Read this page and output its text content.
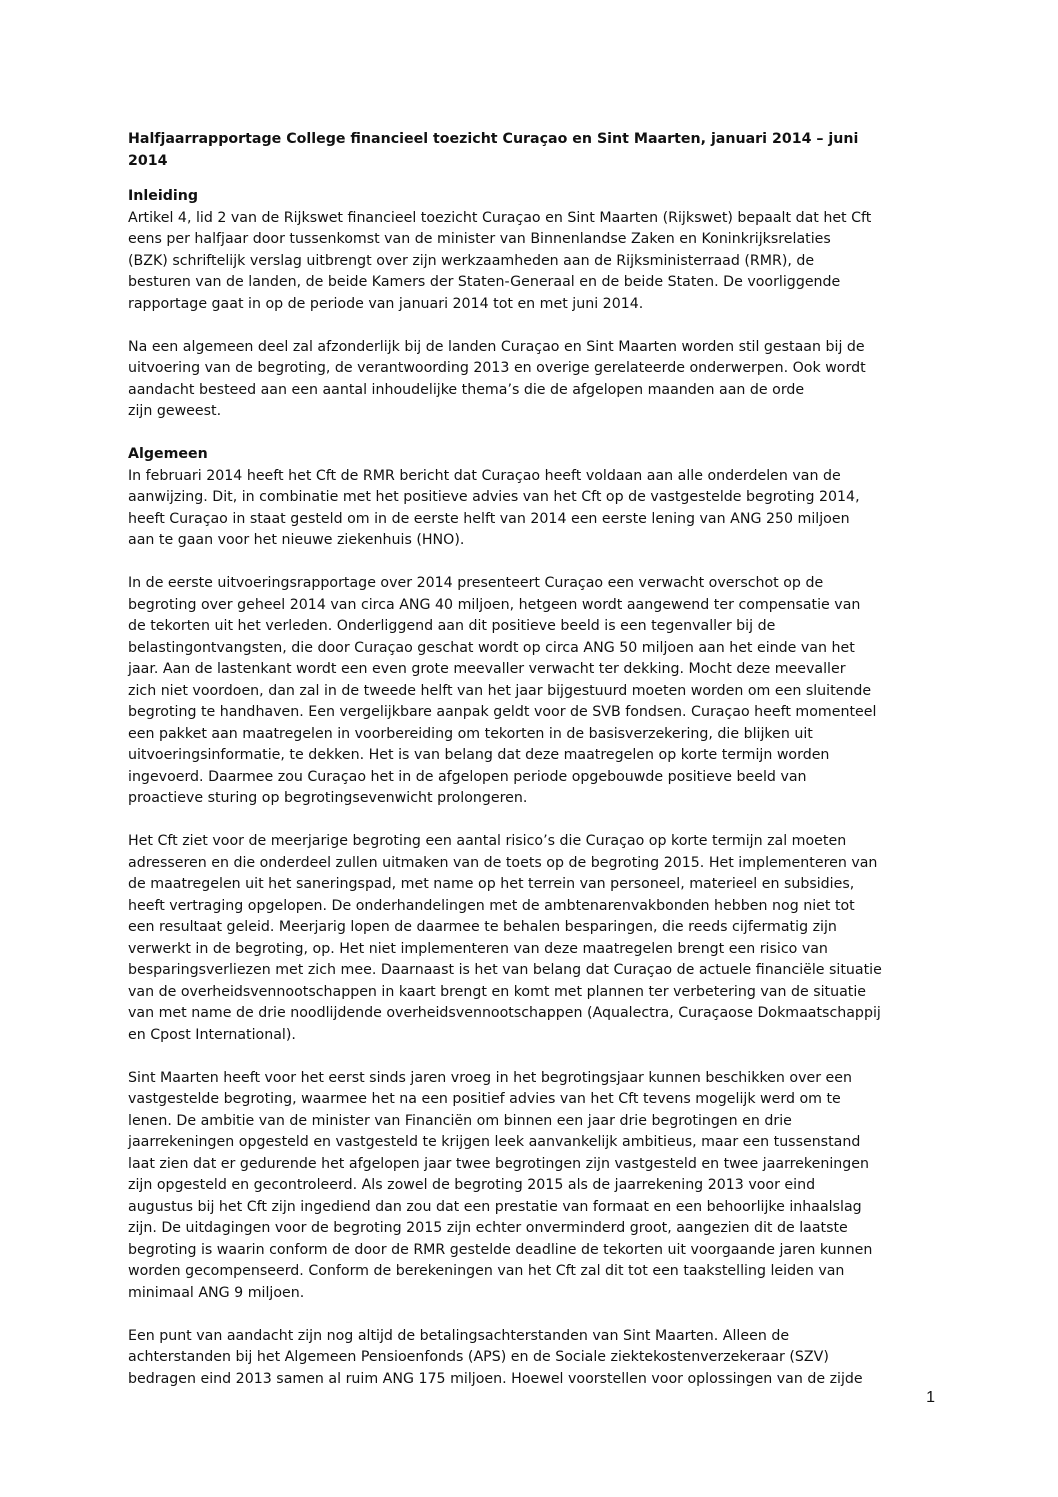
Halfjaarrapportage College financieel toezicht Curaçao en Sint Maarten, januari 2014 – juni
2014
Inleiding
Artikel 4, lid 2 van de Rijkswet financieel toezicht Curaçao en Sint Maarten (Rijkswet) bepaalt dat het Cft
eens per halfjaar door tussenkomst van de minister van Binnenlandse Zaken en Koninkrijksrelaties
(BZK) schriftelijk verslag uitbrengt over zijn werkzaamheden aan de Rijksministerraad (RMR), de
besturen van de landen, de beide Kamers der Staten-Generaal en de beide Staten. De voorliggende
rapportage gaat in op de periode van januari 2014 tot en met juni 2014.
Na een algemeen deel zal afzonderlijk bij de landen Curaçao en Sint Maarten worden stil gestaan bij de
uitvoering van de begroting, de verantwoording 2013 en overige gerelateerde onderwerpen. Ook wordt
aandacht besteed aan een aantal inhoudelijke thema’s die de afgelopen maanden aan de orde
zijn geweest.
Algemeen
In februari 2014 heeft het Cft de RMR bericht dat Curaçao heeft voldaan aan alle onderdelen van de
aanwijzing. Dit, in combinatie met het positieve advies van het Cft op de vastgestelde begroting 2014,
heeft Curaçao in staat gesteld om in de eerste helft van 2014 een eerste lening van ANG 250 miljoen
aan te gaan voor het nieuwe ziekenhuis (HNO).
In de eerste uitvoeringsrapportage over 2014 presenteert Curaçao een verwacht overschot op de
begroting over geheel 2014 van circa ANG 40 miljoen, hetgeen wordt aangewend ter compensatie van
de tekorten uit het verleden. Onderliggend aan dit positieve beeld is een tegenvaller bij de
belastingontvangsten, die door Curaçao geschat wordt op circa ANG 50 miljoen aan het einde van het
jaar. Aan de lastenkant wordt een even grote meevaller verwacht ter dekking. Mocht deze meevaller
zich niet voordoen, dan zal in de tweede helft van het jaar bijgestuurd moeten worden om een sluitende
begroting te handhaven. Een vergelijkbare aanpak geldt voor de SVB fondsen. Curaçao heeft momenteel
een pakket aan maatregelen in voorbereiding om tekorten in de basisverzekering, die blijken uit
uitvoeringsinformatie, te dekken. Het is van belang dat deze maatregelen op korte termijn worden
ingevoerd. Daarmee zou Curaçao het in de afgelopen periode opgebouwde positieve beeld van
proactieve sturing op begrotingsevenwicht prolongeren.
Het Cft ziet voor de meerjarige begroting een aantal risico’s die Curaçao op korte termijn zal moeten
adresseren en die onderdeel zullen uitmaken van de toets op de begroting 2015. Het implementeren van
de maatregelen uit het saneringspad, met name op het terrein van personeel, materieel en subsidies,
heeft vertraging opgelopen. De onderhandelingen met de ambtenarenvakbonden hebben nog niet tot
een resultaat geleid. Meerjarig lopen de daarmee te behalen besparingen, die reeds cijfermatig zijn
verwerkt in de begroting, op. Het niet implementeren van deze maatregelen brengt een risico van
besparingsverliezen met zich mee. Daarnaast is het van belang dat Curaçao de actuele financiële situatie
van de overheidsvennootschappen in kaart brengt en komt met plannen ter verbetering van de situatie
van met name de drie noodlijdende overheidsvennootschappen (Aqualectra, Curaçaose Dokmaatschappij
en Cpost International).
Sint Maarten heeft voor het eerst sinds jaren vroeg in het begrotingsjaar kunnen beschikken over een
vastgestelde begroting, waarmee het na een positief advies van het Cft tevens mogelijk werd om te
lenen. De ambitie van de minister van Financiën om binnen een jaar drie begrotingen en drie
jaarrekeningen opgesteld en vastgesteld te krijgen leek aanvankelijk ambitieus, maar een tussenstand
laat zien dat er gedurende het afgelopen jaar twee begrotingen zijn vastgesteld en twee jaarrekeningen
zijn opgesteld en gecontroleerd. Als zowel de begroting 2015 als de jaarrekening 2013 voor eind
augustus bij het Cft zijn ingediend dan zou dat een prestatie van formaat en een behoorlijke inhaalslag
zijn. De uitdagingen voor de begroting 2015 zijn echter onverminderd groot, aangezien dit de laatste
begroting is waarin conform de door de RMR gestelde deadline de tekorten uit voorgaande jaren kunnen
worden gecompenseerd. Conform de berekeningen van het Cft zal dit tot een taakstelling leiden van
minimaal ANG 9 miljoen.
Een punt van aandacht zijn nog altijd de betalingsachterstanden van Sint Maarten. Alleen de
achterstanden bij het Algemeen Pensioenfonds (APS) en de Sociale ziektekostenverzekeraar (SZV)
bedragen eind 2013 samen al ruim ANG 175 miljoen. Hoewel voorstellen voor oplossingen van de zijde
1
